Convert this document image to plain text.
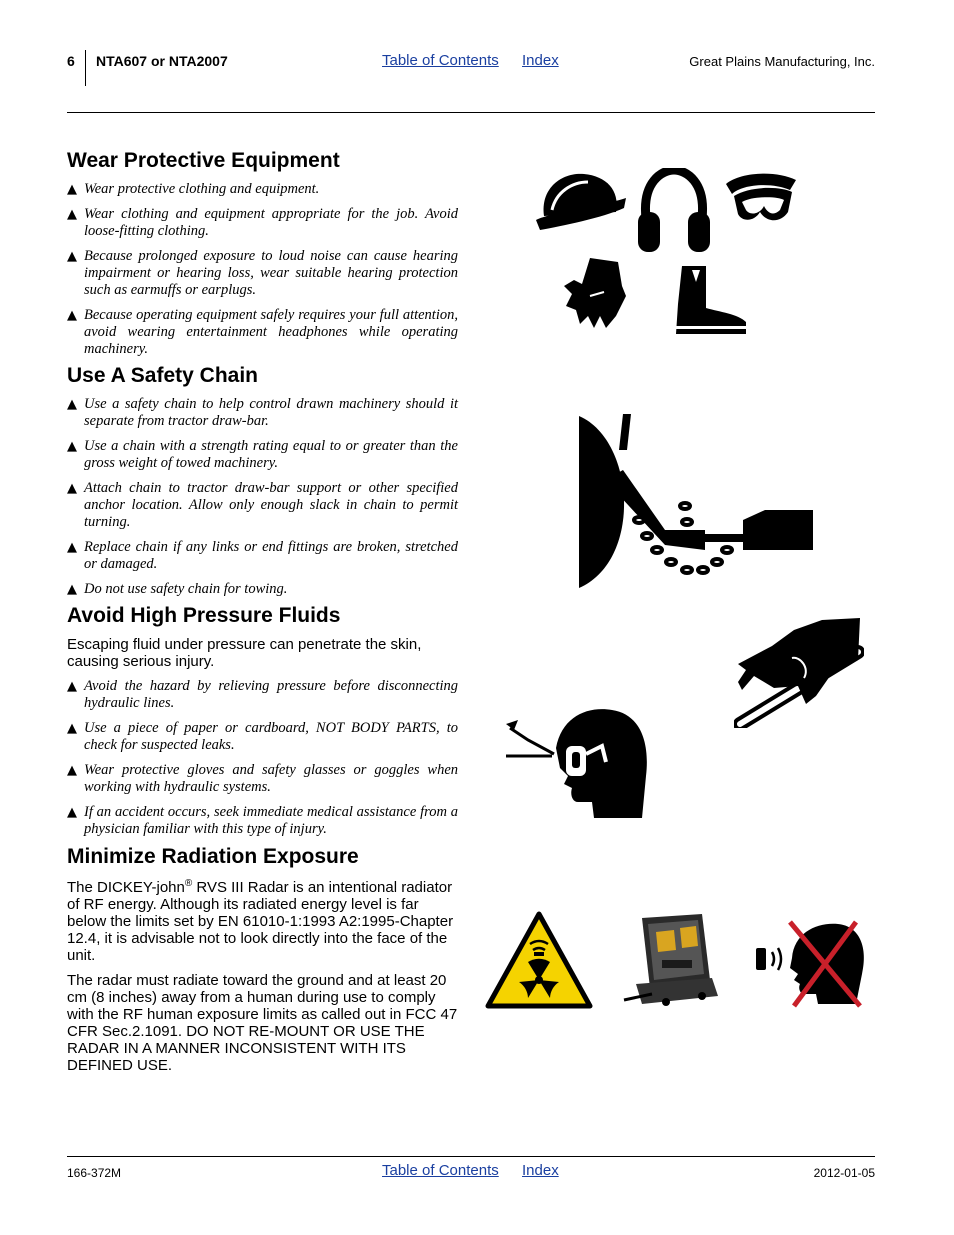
6 NTA607 or NTA2007	Table of Contents Index	Great Plains Manufacturing, Inc.
Wear Protective Equipment

▲ Wear protective clothing and equipment.

▲ Wear clothing and equipment appropriate for the job. Avoid loose-fitting clothing.

▲ Because prolonged exposure to loud noise can cause hearing impairment or hearing loss, wear suitable hearing protection such as earmuffs or earplugs.

▲ Because operating equipment safely requires your full attention, avoid wearing entertainment headphones while operating machinery.

Use A Safety Chain

▲ Use a safety chain to help control drawn machinery should it separate from tractor draw-bar.

▲ Use a chain with a strength rating equal to or greater than the gross weight of towed machinery.

▲ Attach chain to tractor draw-bar support or other specified anchor location. Allow only enough slack in chain to permit turning.

▲ Replace chain if any links or end fittings are broken, stretched or damaged.

▲ Do not use safety chain for towing.

Avoid High Pressure Fluids

Escaping fluid under pressure can penetrate the skin, causing serious injury.

▲ Avoid the hazard by relieving pressure before disconnecting hydraulic lines.

▲ Use a piece of paper or cardboard, NOT BODY PARTS, to check for suspected leaks.

▲ Wear protective gloves and safety glasses or goggles when working with hydraulic systems.

▲ If an accident occurs, seek immediate medical assistance from a physician familiar with this type of injury.

Minimize Radiation Exposure

The DICKEY-john® RVS III Radar is an intentional radiator of RF energy. Although its radiated energy level is far below the limits set by EN 61010-1:1993 A2:1995-Chapter 12.4, it is advisable not to look directly into the face of the unit.

The radar must radiate toward the ground and at least 20 cm (8 inches) away from a human during use to comply with the RF human exposure limits as called out in FCC 47 CFR Sec.2.1091. DO NOT RE-MOUNT OR USE THE RADAR IN A MANNER INCONSISTENT WITH ITS DEFINED USE.

166-372M	Table of Contents Index	2012-01-05
